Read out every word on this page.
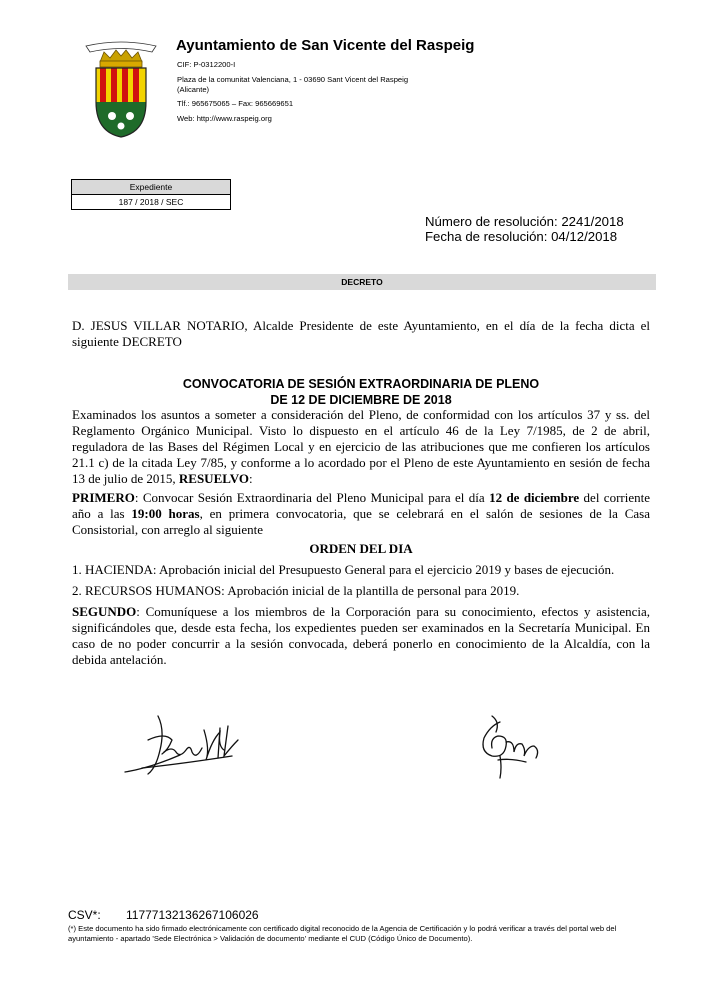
Ayuntamiento de San Vicente del Raspeig
CIF: P-0312200-I
Plaza de la comunitat Valenciana, 1 - 03690 Sant Vicent del Raspeig (Alicante)
Tlf.: 965675065 – Fax: 965669651
Web: http://www.raspeig.org
Expediente
187 / 2018 / SEC
Número de resolución: 2241/2018
Fecha de resolución: 04/12/2018
DECRETO
D. JESUS VILLAR NOTARIO, Alcalde Presidente de este Ayuntamiento, en el día de la fecha dicta el siguiente DECRETO
CONVOCATORIA DE SESIÓN EXTRAORDINARIA DE PLENO
DE 12 DE DICIEMBRE DE 2018
Examinados los asuntos a someter a consideración del Pleno, de conformidad con los artículos 37 y ss. del Reglamento Orgánico Municipal. Visto lo dispuesto en el artículo 46 de la Ley 7/1985, de 2 de abril, reguladora de las Bases del Régimen Local y en ejercicio de las atribuciones que me confieren los artículos 21.1 c) de la citada Ley 7/85, y conforme a lo acordado por el Pleno de este Ayuntamiento en sesión de fecha 13 de julio de 2015, RESUELVO:
PRIMERO: Convocar Sesión Extraordinaria del Pleno Municipal para el día 12 de diciembre del corriente año a las 19:00 horas, en primera convocatoria, que se celebrará en el salón de sesiones de la Casa Consistorial, con arreglo al siguiente
ORDEN DEL DIA
1. HACIENDA: Aprobación inicial del Presupuesto General para el ejercicio 2019 y bases de ejecución.
2. RECURSOS HUMANOS: Aprobación inicial de la plantilla de personal para 2019.
SEGUNDO: Comuníquese a los miembros de la Corporación para su conocimiento, efectos y asistencia, significándoles que, desde esta fecha, los expedientes pueden ser examinados en la Secretaría Municipal. En caso de no poder concurrir a la sesión convocada, deberá ponerlo en conocimiento de la Alcaldía, con la debida antelación.
CSV*: 11777132136267106026
(*) Este documento ha sido firmado electrónicamente con certificado digital reconocido de la Agencia de Certificación y lo podrá verificar a través del portal web del ayuntamiento - apartado 'Sede Electrónica > Validación de documento' mediante el CUD (Código Único de Documento).
